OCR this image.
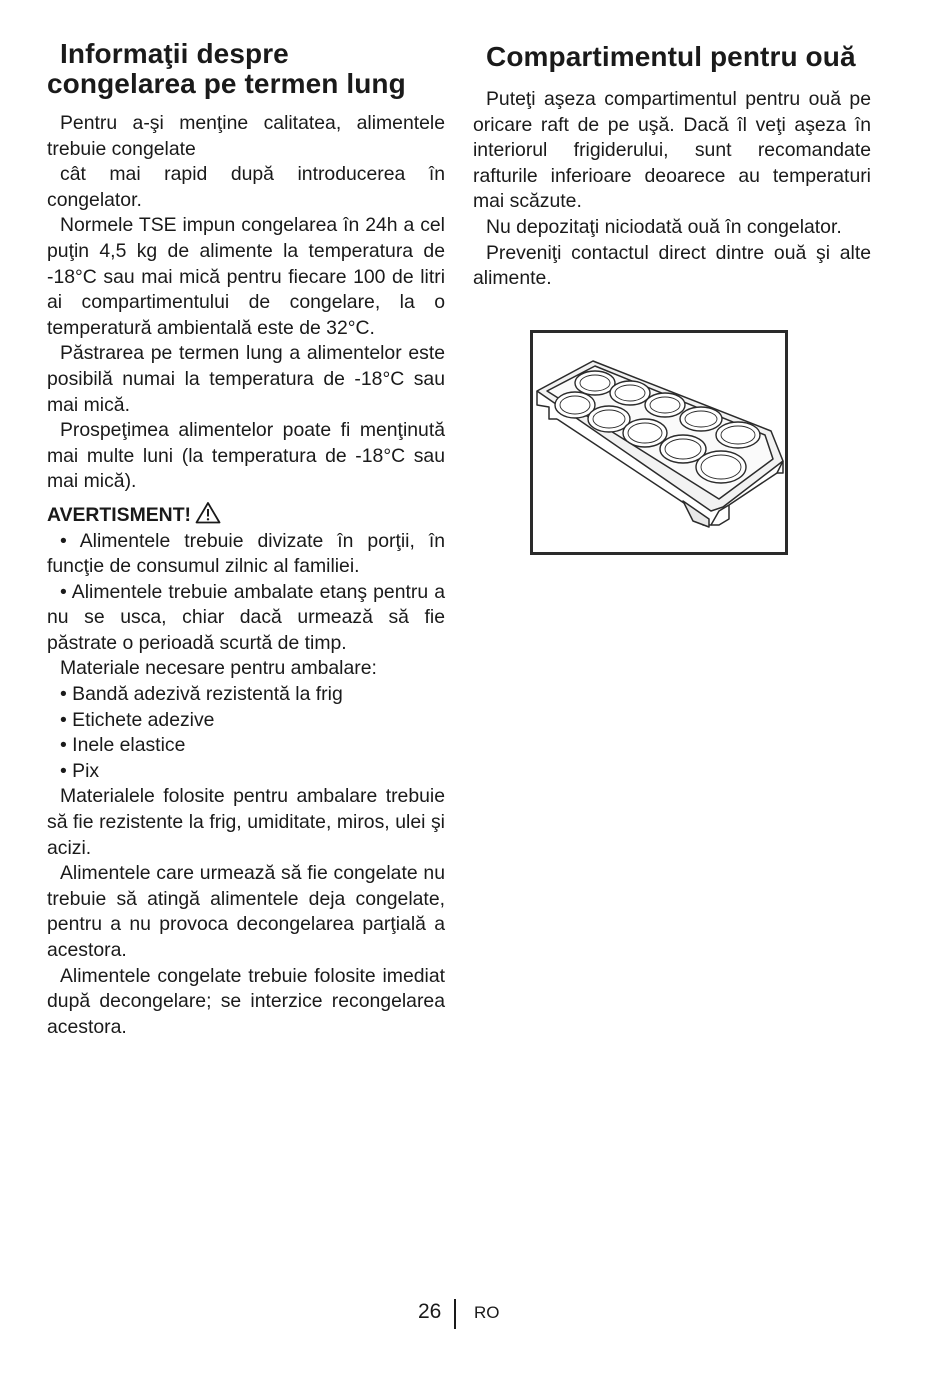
Informaţii despre
congelarea pe termen lung

Pentru a-şi menţine calitatea, alimentele trebuie congelate

cât mai rapid după introducerea în congelator.

Normele TSE impun congelarea în 24h a cel puţin 4,5 kg de alimente la temperatura de -18°C sau mai mică pentru fiecare 100 de litri ai compartimentului de congelare, la o temperatură ambientală este de 32°C.

Păstrarea pe termen lung a alimentelor este posibilă numai la temperatura de -18°C sau mai mică.

Prospeţimea alimentelor poate fi menţinută mai multe luni (la temperatura de -18°C sau mai mică).

AVERTISMENT!

• Alimentele trebuie divizate în porţii, în funcţie de consumul zilnic al familiei.

• Alimentele trebuie ambalate etanş pentru a nu se usca, chiar dacă urmează să fie păstrate o perioadă scurtă de timp.

Materiale necesare pentru ambalare:

• Bandă adezivă rezistentă la frig

• Etichete adezive

• Inele elastice

• Pix

Materialele folosite pentru ambalare trebuie să fie rezistente la frig, umiditate, miros, ulei şi acizi.

Alimentele care urmează să fie congelate nu trebuie să atingă alimentele deja congelate, pentru a nu provoca decongelarea parţială a acestora.

Alimentele congelate trebuie folosite imediat după decongelare; se interzice recongelarea acestora.

Compartimentul pentru ouă

Puteţi aşeza compartimentul pentru ouă pe oricare raft de pe uşă. Dacă îl veţi aşeza în interiorul frigiderului, sunt recomandate rafturile inferioare deoarece au temperaturi mai scăzute.

Nu depozitaţi niciodată ouă în congelator.

Preveniţi contactul direct dintre ouă şi alte alimente.

26 RO
